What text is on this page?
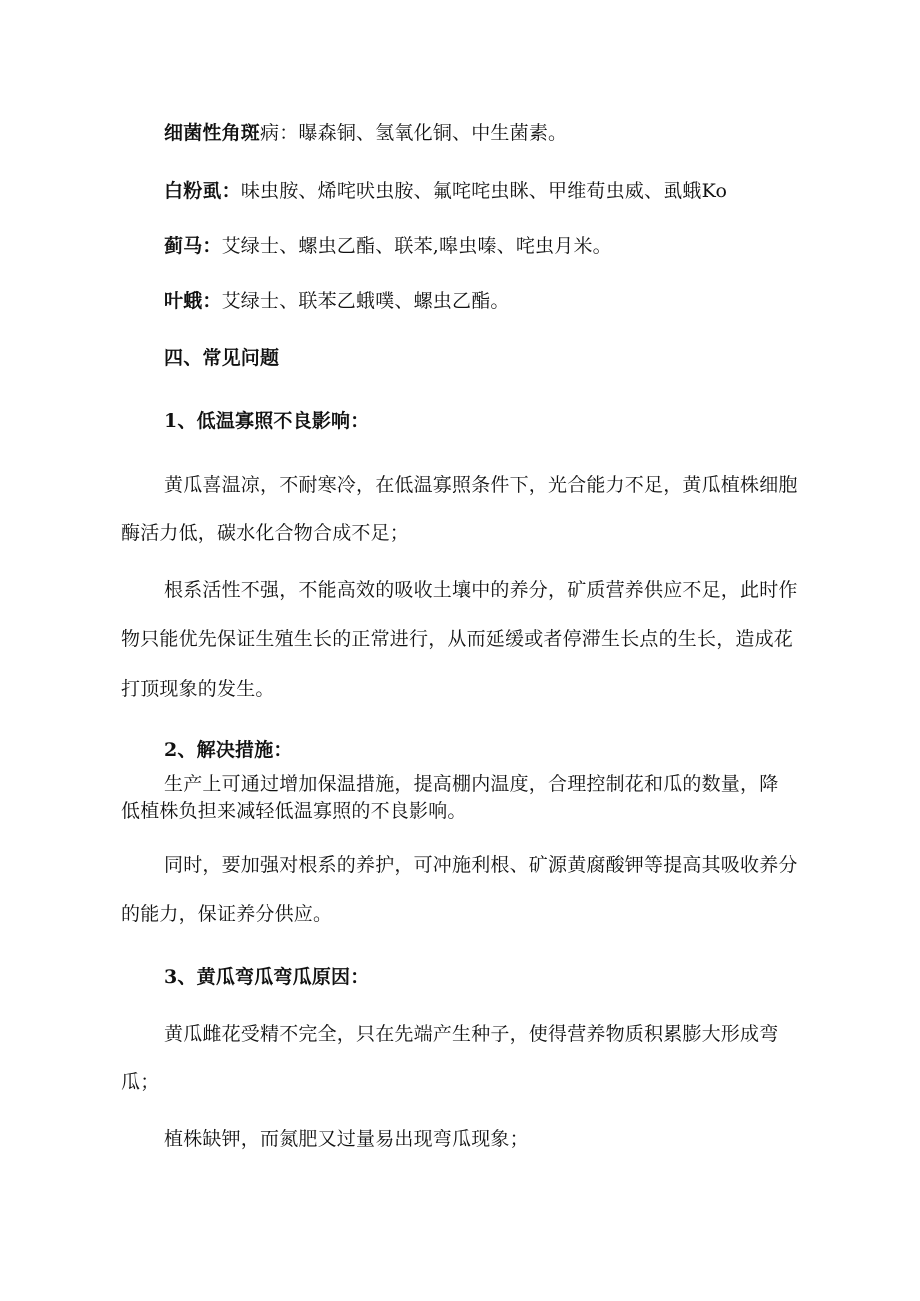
细菌性角斑病：曝森铜、氢氧化铜、中生菌素。
白粉虱：味虫胺、烯咤吠虫胺、氟咤咤虫眯、甲维荀虫威、虱蛾Ko
蓟马：艾绿士、螺虫乙酯、联苯,嗥虫嗪、咤虫月米。
叶蛾：艾绿士、联苯乙蛾噗、螺虫乙酯。
四、常见问题
1、低温寡照不良影响：
黄瓜喜温凉，不耐寒冷，在低温寡照条件下，光合能力不足，黄瓜植株细胞
酶活力低，碳水化合物合成不足；
根系活性不强，不能高效的吸收土壤中的养分，矿质营养供应不足，此时作
物只能优先保证生殖生长的正常进行，从而延缓或者停滞生长点的生长，造成花
打顶现象的发生。
2、解决措施：
生产上可通过增加保温措施，提高棚内温度，合理控制花和瓜的数量，降
低植株负担来减轻低温寡照的不良影响。
同时，要加强对根系的养护，可冲施利根、矿源黄腐酸钾等提高其吸收养分
的能力，保证养分供应。
3、黄瓜弯瓜弯瓜原因：
黄瓜雌花受精不完全，只在先端产生种子，使得营养物质积累膨大形成弯
瓜；
植株缺钾，而氮肥又过量易出现弯瓜现象；
